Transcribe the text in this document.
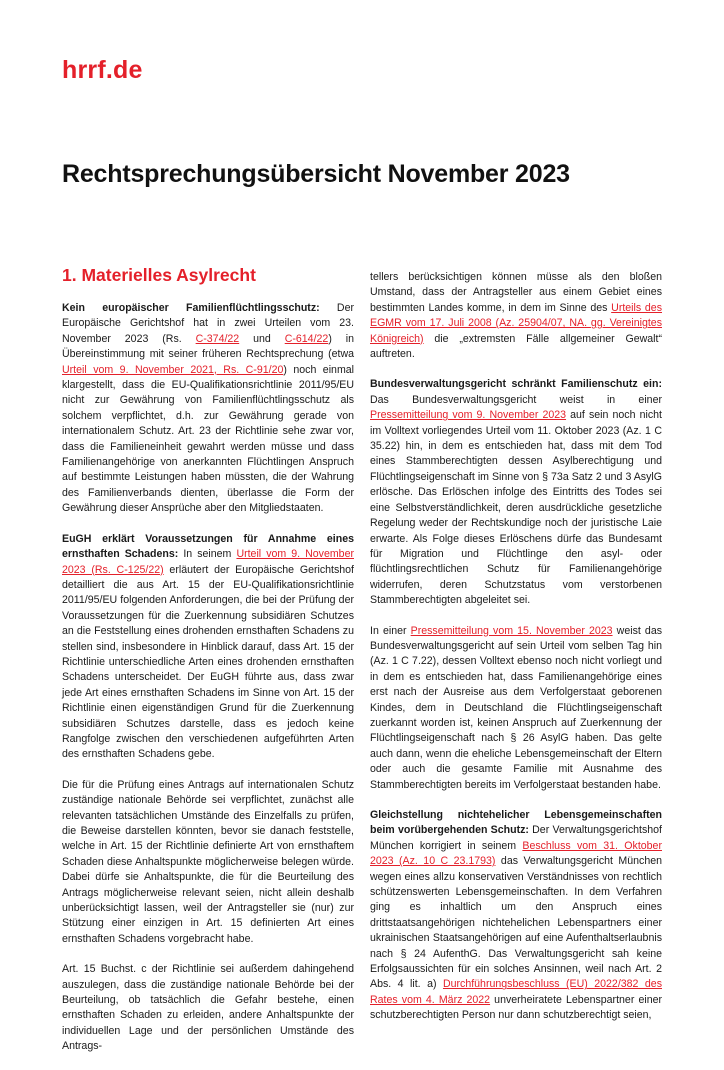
hrrf.de
Rechtsprechungsübersicht November 2023
1. Materielles Asylrecht

Kein europäischer Familienflüchtlingsschutz: Der Europäische Gerichtshof hat in zwei Urteilen vom 23. November 2023 (Rs. C-374/22 und C-614/22) in Übereinstimmung mit seiner früheren Rechtsprechung (etwa Urteil vom 9. November 2021, Rs. C-91/20) noch einmal klargestellt, dass die EU-Qualifikationsrichtlinie 2011/95/EU nicht zur Gewährung von Familienflüchtlingsschutz als solchem verpflichtet, d.h. zur Gewährung gerade von internationalem Schutz. Art. 23 der Richtlinie sehe zwar vor, dass die Familieneinheit gewahrt werden müsse und dass Familienangehörige von anerkannten Flüchtlingen Anspruch auf bestimmte Leistungen haben müssten, die der Wahrung des Familienverbands dienten, überlasse die Form der Gewährung dieser Ansprüche aber den Mitgliedstaaten.

EuGH erklärt Voraussetzungen für Annahme eines ernsthaften Schadens: In seinem Urteil vom 9. November 2023 (Rs. C-125/22) erläutert der Europäische Gerichtshof detailliert die aus Art. 15 der EU-Qualifikationsrichtlinie 2011/95/EU folgenden Anforderungen, die bei der Prüfung der Voraussetzungen für die Zuerkennung subsidiären Schutzes an die Feststellung eines drohenden ernsthaften Schadens zu stellen sind, insbesondere in Hinblick darauf, dass Art. 15 der Richtlinie unterschiedliche Arten eines drohenden ernsthaften Schadens unterscheidet. Der EuGH führte aus, dass zwar jede Art eines ernsthaften Schadens im Sinne von Art. 15 der Richtlinie einen eigenständigen Grund für die Zuerkennung subsidiären Schutzes darstelle, dass es jedoch keine Rangfolge zwischen den verschiedenen aufgeführten Arten des ernsthaften Schadens gebe.

Die für die Prüfung eines Antrags auf internationalen Schutz zuständige nationale Behörde sei verpflichtet, zunächst alle relevanten tatsächlichen Umstände des Einzelfalls zu prüfen, die Beweise darstellen könnten, bevor sie danach feststelle, welche in Art. 15 der Richtlinie definierte Art von ernsthaftem Schaden diese Anhaltspunkte möglicherweise belegen würde. Dabei dürfe sie Anhaltspunkte, die für die Beurteilung des Antrags möglicherweise relevant seien, nicht allein deshalb unberücksichtigt lassen, weil der Antragsteller sie (nur) zur Stützung einer einzigen in Art. 15 definierten Art eines ernsthaften Schadens vorgebracht habe.

Art. 15 Buchst. c der Richtlinie sei außerdem dahingehend auszulegen, dass die zuständige nationale Behörde bei der Beurteilung, ob tatsächlich die Gefahr bestehe, einen ernsthaften Schaden zu erleiden, andere Anhaltspunkte der individuellen Lage und der persönlichen Umstände des Antrags-

tellers berücksichtigen können müsse als den bloßen Umstand, dass der Antragsteller aus einem Gebiet eines bestimmten Landes komme, in dem im Sinne des Urteils des EGMR vom 17. Juli 2008 (Az. 25904/07, NA. gg. Vereinigtes Königreich) die „extremsten Fälle allgemeiner Gewalt“ auftreten.

Bundesverwaltungsgericht schränkt Familienschutz ein: Das Bundesverwaltungsgericht weist in einer Pressemitteilung vom 9. November 2023 auf sein noch nicht im Volltext vorliegendes Urteil vom 11. Oktober 2023 (Az. 1 C 35.22) hin, in dem es entschieden hat, dass mit dem Tod eines Stammberechtigten dessen Asylberechtigung und Flüchtlingseigenschaft im Sinne von § 73a Satz 2 und 3 AsylG erlösche. Das Erlöschen infolge des Eintritts des Todes sei eine Selbstverständlichkeit, deren ausdrückliche gesetzliche Regelung weder der Rechtskundige noch der juristische Laie erwarte. Als Folge dieses Erlöschens dürfe das Bundesamt für Migration und Flüchtlinge den asyl- oder flüchtlingsrechtlichen Schutz für Familienangehörige widerrufen, deren Schutzstatus vom verstorbenen Stammberechtigten abgeleitet sei.

In einer Pressemitteilung vom 15. November 2023 weist das Bundesverwaltungsgericht auf sein Urteil vom selben Tag hin (Az. 1 C 7.22), dessen Volltext ebenso noch nicht vorliegt und in dem es entschieden hat, dass Familienangehörige eines erst nach der Ausreise aus dem Verfolgerstaat geborenen Kindes, dem in Deutschland die Flüchtlingseigenschaft zuerkannt worden ist, keinen Anspruch auf Zuerkennung der Flüchtlingseigenschaft nach § 26 AsylG haben. Das gelte auch dann, wenn die eheliche Lebensgemeinschaft der Eltern oder auch die gesamte Familie mit Ausnahme des Stammberechtigten bereits im Verfolgerstaat bestanden habe.

Gleichstellung nichtehelicher Lebensgemeinschaften beim vorübergehenden Schutz: Der Verwaltungsgerichtshof München korrigiert in seinem Beschluss vom 31. Oktober 2023 (Az. 10 C 23.1793) das Verwaltungsgericht München wegen eines allzu konservativen Verständnisses von rechtlich schützenswerten Lebensgemeinschaften. In dem Verfahren ging es inhaltlich um den Anspruch eines drittstaatsangehörigen nichtehelichen Lebenspartners einer ukrainischen Staatsangehörigen auf eine Aufenthaltserlaubnis nach § 24 AufenthG. Das Verwaltungsgericht sah keine Erfolgsaussichten für ein solches Ansinnen, weil nach Art. 2 Abs. 4 lit. a) Durchführungsbeschluss (EU) 2022/382 des Rates vom 4. März 2022 unverheiratete Lebenspartner einer schutzberechtigten Person nur dann schutzberechtigt seien,
